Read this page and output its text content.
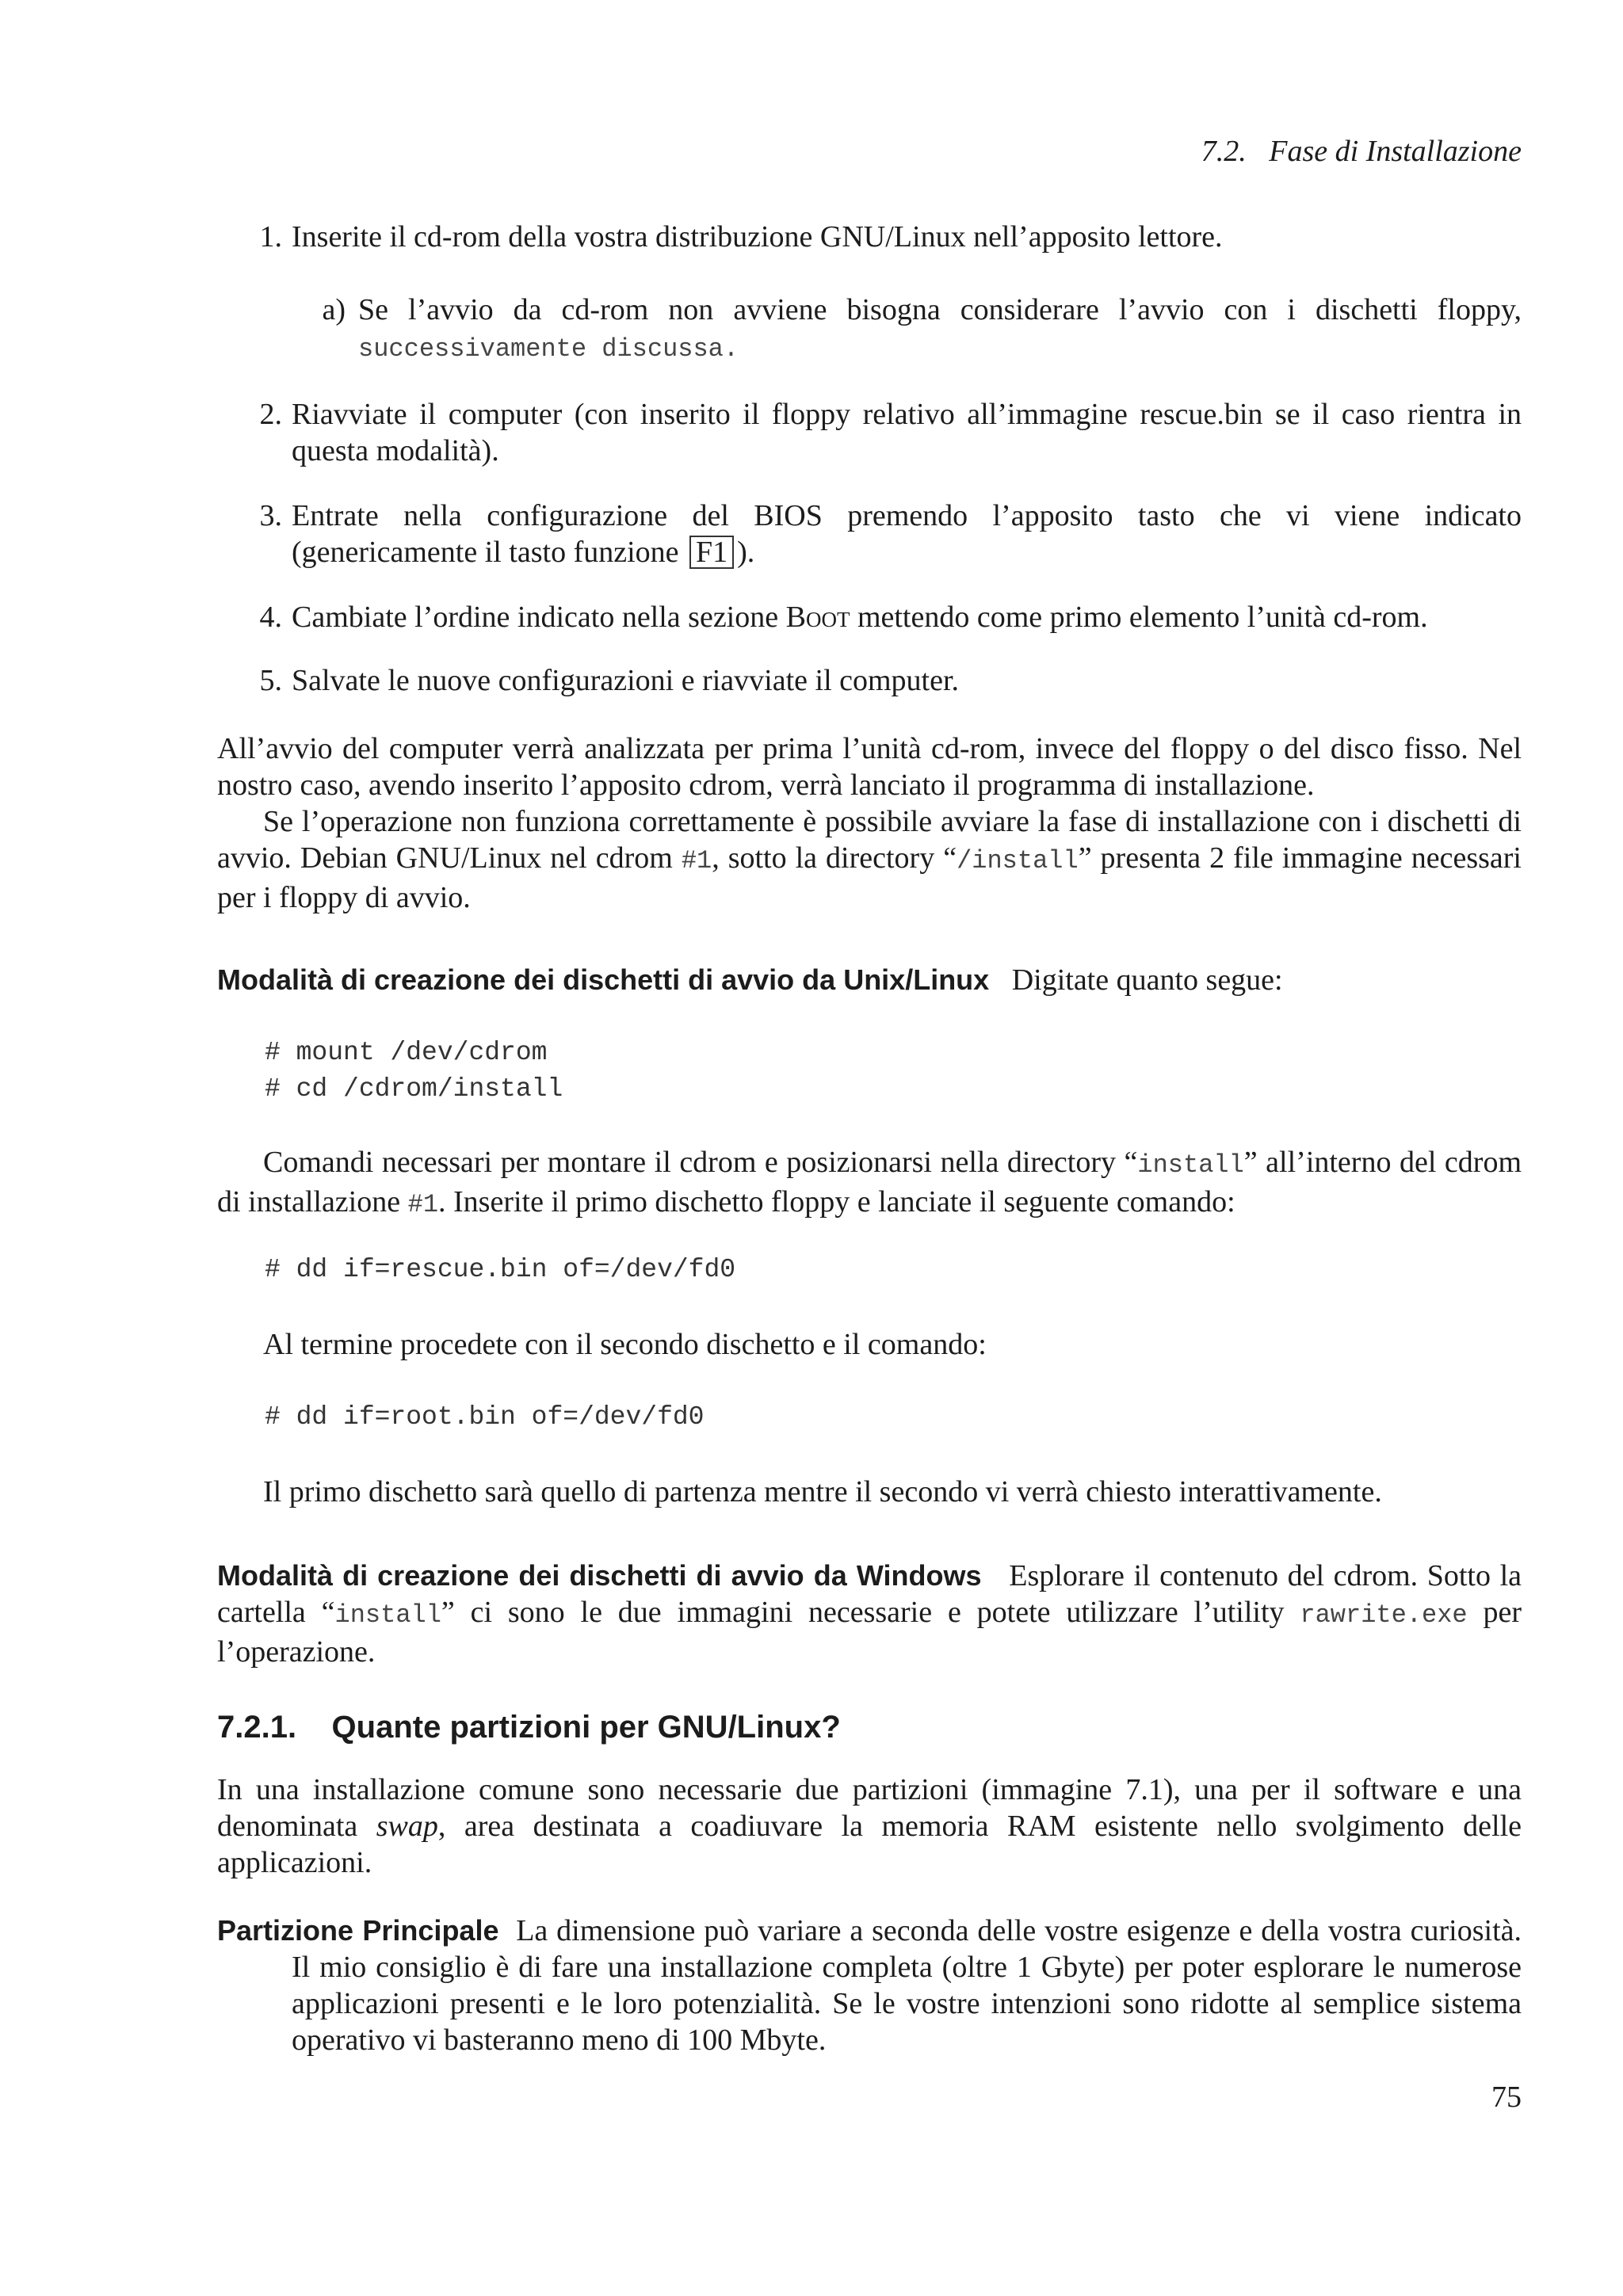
7.2. Fase di Installazione
1. Inserite il cd-rom della vostra distribuzione GNU/Linux nell’apposito lettore.
a) Se l’avvio da cd-rom non avviene bisogna considerare l’avvio con i dischetti floppy, successivamente discussa.
2. Riavviate il computer (con inserito il floppy relativo all’immagine rescue.bin se il caso rientra in questa modalità).
3. Entrate nella configurazione del BIOS premendo l’apposito tasto che vi viene indicato (genericamente il tasto funzione F1 ).
4. Cambiate l’ordine indicato nella sezione Boot mettendo come primo elemento l’unità cd-rom.
5. Salvate le nuove configurazioni e riavviate il computer.
All’avvio del computer verrà analizzata per prima l’unità cd-rom, invece del floppy o del disco fisso. Nel nostro caso, avendo inserito l’apposito cdrom, verrà lanciato il programma di installazione.
Se l’operazione non funziona correttamente è possibile avviare la fase di installazione con i dischetti di avvio. Debian GNU/Linux nel cdrom #1, sotto la directory “/install” presenta 2 file immagine necessari per i floppy di avvio.
Modalità di creazione dei dischetti di avvio da Unix/Linux Digitate quanto segue:
# mount /dev/cdrom
# cd /cdrom/install
Comandi necessari per montare il cdrom e posizionarsi nella directory “install” all’interno del cdrom di installazione #1. Inserite il primo dischetto floppy e lanciate il seguente comando:
# dd if=rescue.bin of=/dev/fd0
Al termine procedete con il secondo dischetto e il comando:
# dd if=root.bin of=/dev/fd0
Il primo dischetto sarà quello di partenza mentre il secondo vi verrà chiesto interattivamente.
Modalità di creazione dei dischetti di avvio da Windows Esplorare il contenuto del cdrom. Sotto la cartella “install” ci sono le due immagini necessarie e potete utilizzare l’utility rawrite.exe per l’operazione.
7.2.1. Quante partizioni per GNU/Linux?
In una installazione comune sono necessarie due partizioni (immagine 7.1), una per il software e una denominata swap, area destinata a coadiuvare la memoria RAM esistente nello svolgimento delle applicazioni.
Partizione Principale La dimensione può variare a seconda delle vostre esigenze e della vostra curiosità. Il mio consiglio è di fare una installazione completa (oltre 1 Gbyte) per poter esplorare le numerose applicazioni presenti e le loro potenzialità. Se le vostre intenzioni sono ridotte al semplice sistema operativo vi basteranno meno di 100 Mbyte.
75
